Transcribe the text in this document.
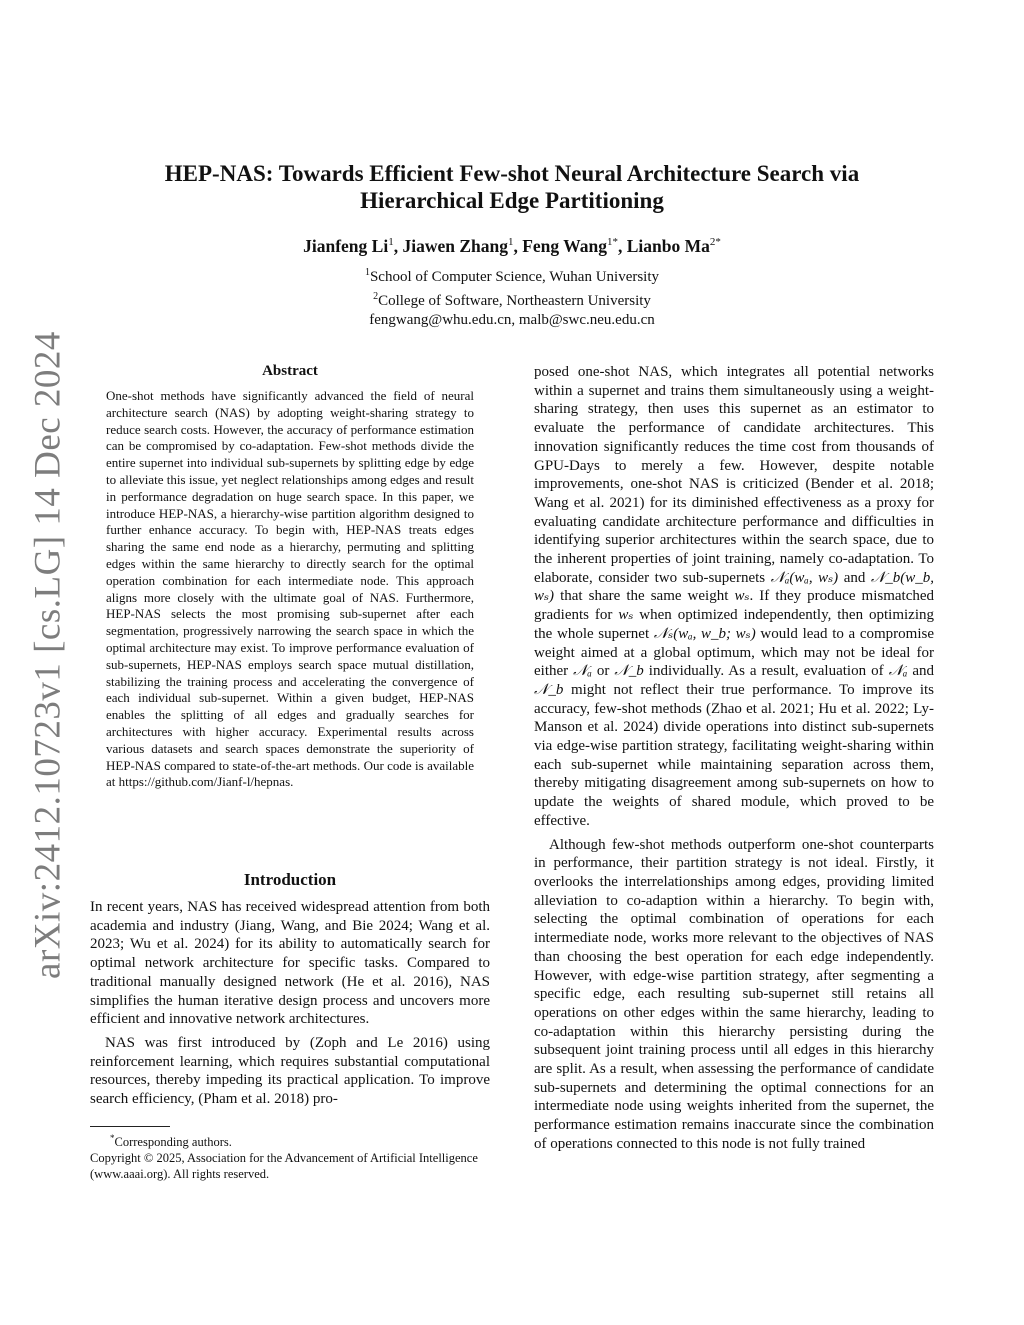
arXiv:2412.10723v1 [cs.LG] 14 Dec 2024
HEP-NAS: Towards Efficient Few-shot Neural Architecture Search via
Hierarchical Edge Partitioning
Jianfeng Li$^1$, Jiawen Zhang$^1$, Feng Wang$^{1*}$, Lianbo $Ma^{2*}$
$^1$School of Computer Science, Wuhan University
$^2$College of Software, Northeastern University
fengwang@whu.edu.cn, malb@swc.neu.edu.cn
Abstract

One-shot methods have significantly advanced the field of neural architecture search (NAS) by adopting weight-sharing strategy to reduce search costs. However, the accuracy of performance estimation can be compromised by co-adaptation. Few-shot methods divide the entire supernet into individual sub-supernets by splitting edge by edge to alleviate this issue, yet neglect relationships among edges and result in performance degradation on huge search space. In this paper, we introduce HEP-NAS, a hierarchy-wise partition algorithm designed to further enhance accuracy. To begin with, HEP-NAS treats edges sharing the same end node as a hierarchy, permuting and splitting edges within the same hierarchy to directly search for the optimal operation combination for each intermediate node. This approach aligns more closely with the ultimate goal of NAS. Furthermore, HEP-NAS selects the most promising sub-supernet after each segmentation, progressively narrowing the search space in which the optimal architecture may exist. To improve performance evaluation of sub-supernets, HEP-NAS employs search space mutual distillation, stabilizing the training process and accelerating the convergence of each individual sub-supernet. Within a given budget, HEP-NAS enables the splitting of all edges and gradually searches for architectures with higher accuracy. Experimental results across various datasets and search spaces demonstrate the superiority of HEP-NAS compared to state-of-the-art methods. Our code is available at https://github.com/Jianf-l/hepnas.

Introduction

In recent years, NAS has received widespread attention from both academia and industry (Jiang, Wang, and Bie 2024; Wang et al. 2023; Wu et al. 2024) for its ability to automatically search for optimal network architecture for specific tasks. Compared to traditional manually designed network (He et al. 2016), NAS simplifies the human iterative design process and uncovers more efficient and innovative network architectures.

NAS was first introduced by (Zoph and Le 2016) using reinforcement learning, which requires substantial computational resources, thereby impeding its practical application. To improve search efficiency, (Pham et al. 2018) pro-

*Corresponding authors.
Copyright © 2025, Association for the Advancement of Artificial Intelligence (www.aaai.org). All rights reserved.

posed one-shot NAS, which integrates all potential networks within a supernet and trains them simultaneously using a weight-sharing strategy, then uses this supernet as an estimator to evaluate the performance of candidate architectures. This innovation significantly reduces the time cost from thousands of GPU-Days to merely a few. However, despite notable improvements, one-shot NAS is criticized (Bender et al. 2018; Wang et al. 2021) for its diminished effectiveness as a proxy for evaluating candidate architecture performance and difficulties in identifying superior architectures within the search space, due to the inherent properties of joint training, namely co-adaptation. To elaborate, consider two sub-supernets 𝒩ₐ(wₐ, wₛ) and 𝒩_b(w_b, wₛ) that share the same weight wₛ. If they produce mismatched gradients for wₛ when optimized independently, then optimizing the whole supernet 𝒩ₛ(wₐ, w_b; wₛ) would lead to a compromise weight aimed at a global optimum, which may not be ideal for either 𝒩ₐ or 𝒩_b individually. As a result, evaluation of 𝒩ₐ and 𝒩_b might not reflect their true performance. To improve its accuracy, few-shot methods (Zhao et al. 2021; Hu et al. 2022; Ly-Manson et al. 2024) divide operations into distinct sub-supernets via edge-wise partition strategy, facilitating weight-sharing within each sub-supernet while maintaining separation across them, thereby mitigating disagreement among sub-supernets on how to update the weights of shared module, which proved to be effective.

Although few-shot methods outperform one-shot counterparts in performance, their partition strategy is not ideal. Firstly, it overlooks the interrelationships among edges, providing limited alleviation to co-adaption within a hierarchy. To begin with, selecting the optimal combination of operations for each intermediate node, works more relevant to the objectives of NAS than choosing the best operation for each edge independently. However, with edge-wise partition strategy, after segmenting a specific edge, each resulting sub-supernet still retains all operations on other edges within the same hierarchy, leading to co-adaptation within this hierarchy persisting during the subsequent joint training process until all edges in this hierarchy are split. As a result, when assessing the performance of candidate sub-supernets and determining the optimal connections for an intermediate node using weights inherited from the supernet, the performance estimation remains inaccurate since the combination of operations connected to this node is not fully trained
